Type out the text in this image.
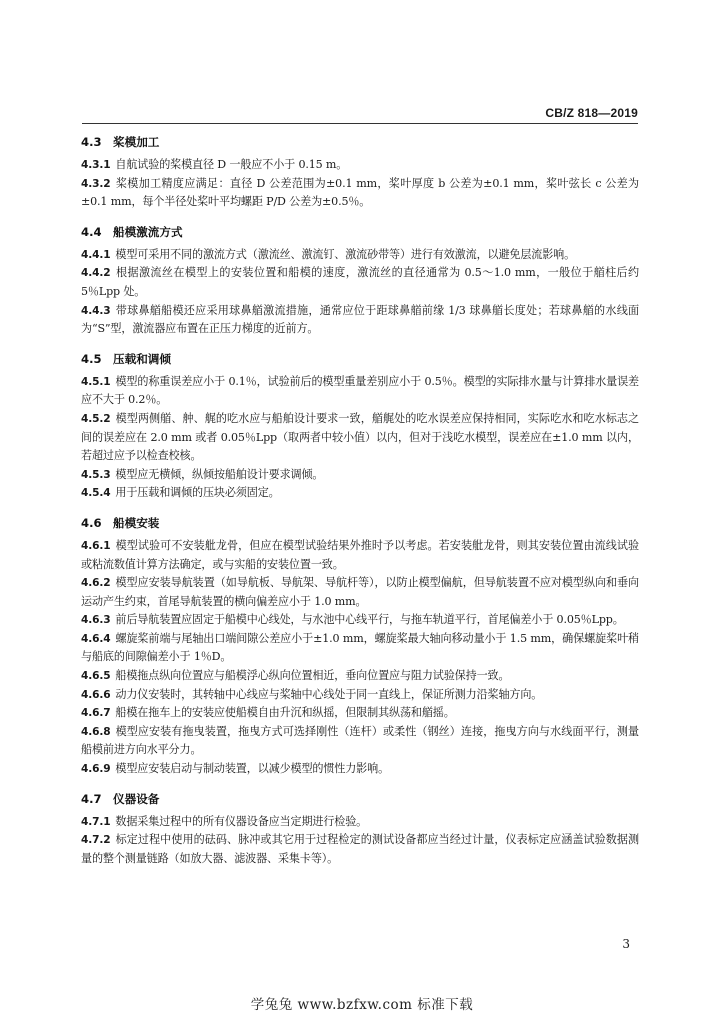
CB/Z 818—2019
4.3 桨模加工
4.3.1 自航试验的桨模直径 D 一般应不小于 0.15 m。
4.3.2 桨模加工精度应满足：直径 D 公差范围为±0.1 mm，桨叶厚度 b 公差为±0.1 mm，桨叶弦长 c 公差为±0.1 mm，每个半径处桨叶平均螺距 P/D 公差为±0.5％。
4.4 船模激流方式
4.4.1 模型可采用不同的激流方式（激流丝、激流钉、激流砂带等）进行有效激流，以避免层流影响。
4.4.2 根据激流丝在模型上的安装位置和船模的速度，激流丝的直径通常为 0.5～1.0 mm，一般位于艏柱后约 5％Lpp 处。
4.4.3 带球鼻艏船模还应采用球鼻艏激流措施，通常应位于距球鼻艏前缘 1/3 球鼻艏长度处；若球鼻艏的水线面为“S”型，激流器应布置在正压力梯度的近前方。
4.5 压载和调倾
4.5.1 模型的称重误差应小于 0.1％，试验前后的模型重量差别应小于 0.5％。模型的实际排水量与计算排水量误差应不大于 0.2％。
4.5.2 模型两侧艏、舯、艉的吃水应与船舶设计要求一致，艏艉处的吃水误差应保持相同，实际吃水和吃水标志之间的误差应在 2.0 mm 或者 0.05％Lpp（取两者中较小值）以内，但对于浅吃水模型，误差应在±1.0 mm 以内，若超过应予以检查校核。
4.5.3 模型应无横倾，纵倾按船舶设计要求调倾。
4.5.4 用于压载和调倾的压块必须固定。
4.6 船模安装
4.6.1 模型试验可不安装舭龙骨，但应在模型试验结果外推时予以考虑。若安装舭龙骨，则其安装位置由流线试验或粘流数值计算方法确定，或与实船的安装位置一致。
4.6.2 模型应安装导航装置（如导航板、导航架、导航杆等），以防止模型偏航，但导航装置不应对模型纵向和垂向运动产生约束，首尾导航装置的横向偏差应小于 1.0 mm。
4.6.3 前后导航装置应固定于船模中心线处，与水池中心线平行，与拖车轨道平行，首尾偏差小于 0.05％Lpp。
4.6.4 螺旋桨前端与尾轴出口端间隙公差应小于±1.0 mm，螺旋桨最大轴向移动量小于 1.5 mm，确保螺旋桨叶稍与船底的间隙偏差小于 1％D。
4.6.5 船模拖点纵向位置应与船模浮心纵向位置相近，垂向位置应与阻力试验保持一致。
4.6.6 动力仪安装时，其转轴中心线应与桨轴中心线处于同一直线上，保证所测力沿桨轴方向。
4.6.7 船模在拖车上的安装应使船模自由升沉和纵摇，但限制其纵荡和艏摇。
4.6.8 模型应安装有拖曳装置，拖曳方式可选择刚性（连杆）或柔性（钢丝）连接，拖曳方向与水线面平行，测量船模前进方向水平分力。
4.6.9 模型应安装启动与制动装置，以减少模型的惯性力影响。
4.7 仪器设备
4.7.1 数据采集过程中的所有仪器设备应当定期进行检验。
4.7.2 标定过程中使用的砝码、脉冲或其它用于过程检定的测试设备都应当经过计量，仪表标定应涵盖试验数据测量的整个测量链路（如放大器、滤波器、采集卡等）。
3
学兔兔 www.bzfxw.com 标准下载
